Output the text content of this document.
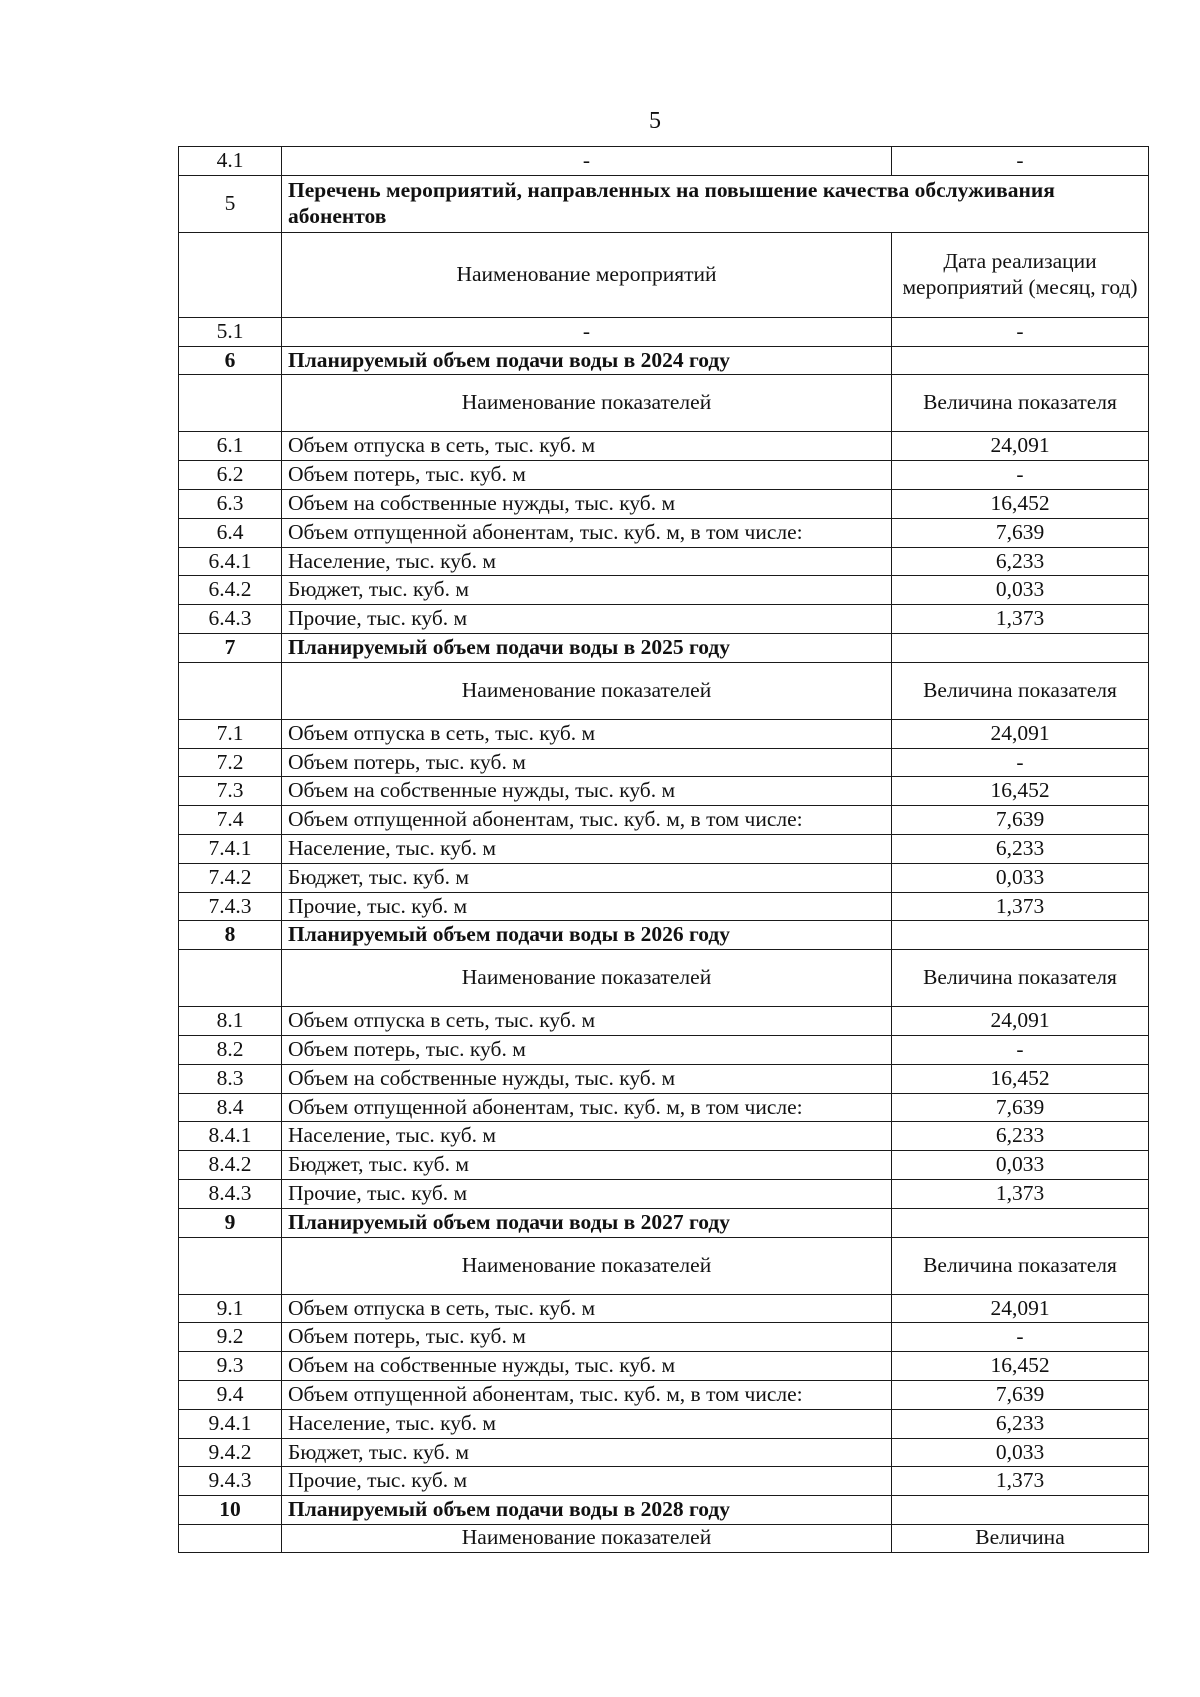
5
4.1	-	-
5	Перечень мероприятий, направленных на повышение качества обслуживания абонентов	
	Наименование мероприятий	Дата реализации мероприятий (месяц, год)
5.1	-	-
6	Планируемый объем подачи воды в 2024 году	
	Наименование показателей	Величина показателя
6.1	Объем отпуска в сеть, тыс. куб. м	24,091
6.2	Объем потерь, тыс. куб. м	-
6.3	Объем на собственные нужды, тыс. куб. м	16,452
6.4	Объем отпущенной абонентам, тыс. куб. м, в том числе:	7,639
6.4.1	Население, тыс. куб. м	6,233
6.4.2	Бюджет, тыс. куб. м	0,033
6.4.3	Прочие, тыс. куб. м	1,373
7	Планируемый объем подачи воды в 2025 году	
	Наименование показателей	Величина показателя
7.1	Объем отпуска в сеть, тыс. куб. м	24,091
7.2	Объем потерь, тыс. куб. м	-
7.3	Объем на собственные нужды, тыс. куб. м	16,452
7.4	Объем отпущенной абонентам, тыс. куб. м, в том числе:	7,639
7.4.1	Население, тыс. куб. м	6,233
7.4.2	Бюджет, тыс. куб. м	0,033
7.4.3	Прочие, тыс. куб. м	1,373
8	Планируемый объем подачи воды в 2026 году	
	Наименование показателей	Величина показателя
8.1	Объем отпуска в сеть, тыс. куб. м	24,091
8.2	Объем потерь, тыс. куб. м	-
8.3	Объем на собственные нужды, тыс. куб. м	16,452
8.4	Объем отпущенной абонентам, тыс. куб. м, в том числе:	7,639
8.4.1	Население, тыс. куб. м	6,233
8.4.2	Бюджет, тыс. куб. м	0,033
8.4.3	Прочие, тыс. куб. м	1,373
9	Планируемый объем подачи воды в 2027 году	
	Наименование показателей	Величина показателя
9.1	Объем отпуска в сеть, тыс. куб. м	24,091
9.2	Объем потерь, тыс. куб. м	-
9.3	Объем на собственные нужды, тыс. куб. м	16,452
9.4	Объем отпущенной абонентам, тыс. куб. м, в том числе:	7,639
9.4.1	Население, тыс. куб. м	6,233
9.4.2	Бюджет, тыс. куб. м	0,033
9.4.3	Прочие, тыс. куб. м	1,373
10	Планируемый объем подачи воды в 2028 году	
	Наименование показателей	Величина
